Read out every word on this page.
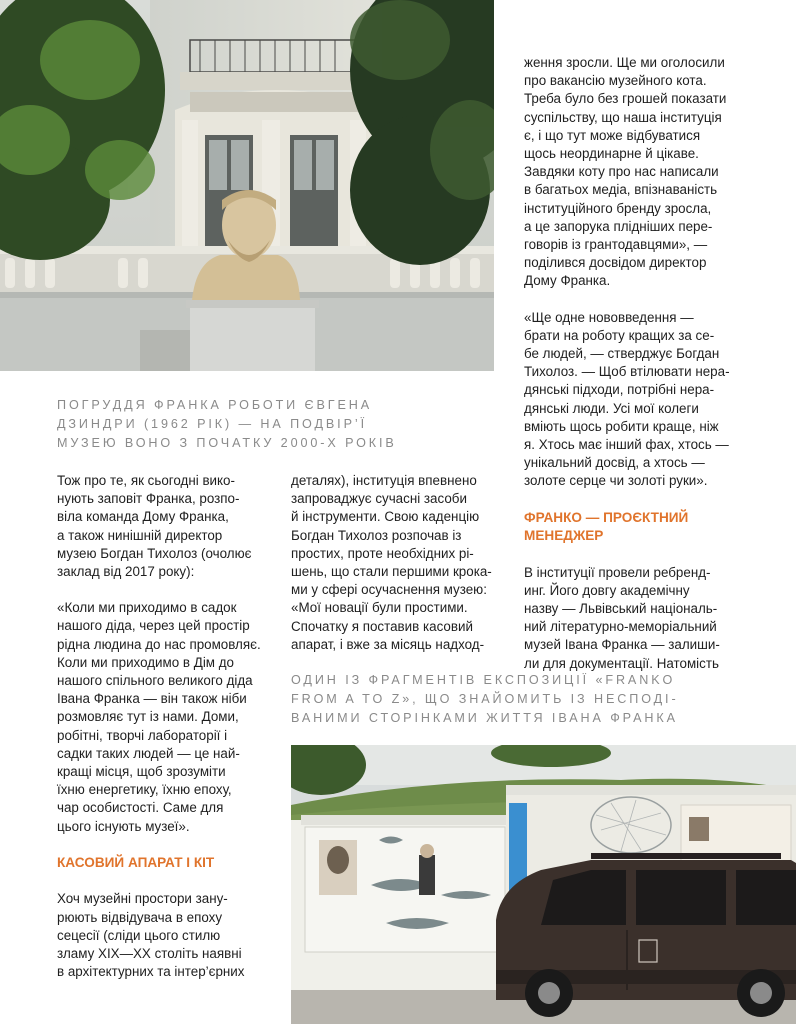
ПОГРУДДЯ ФРАНКА РОБОТИ ЄВГЕНА

ДЗИНДРИ (1962 РІК) — НА ПОДВІР’Ї

МУЗЕЮ ВОНО З ПОЧАТКУ 2000-Х РОКІВ

Тож про те, як сьогодні вико-
нують заповіт Франка, розпо-
віла команда Дому Франка,
а також нинішній директор
музею Богдан Тихолоз (очолює
заклад від 2017 року):

«Коли ми приходимо в садок
нашого діда, через цей простір
рідна людина до нас промовляє.
Коли ми приходимо в Дім до
нашого спільного великого діда
Івана Франка — він також ніби
розмовляє тут із нами. Доми,
робітні, творчі лабораторії і
садки таких людей — це най-
кращі місця, щоб зрозуміти
їхню енергетику, їхню епоху,
чар особистості. Саме для
цього існують музеї».

КАСОВИЙ АПАРАТ І КІТ

Хоч музейні простори зану-
рюють відвідувача в епоху
сецесії (сліди цього стилю
зламу XIX—XX століть наявні
в архітектурних та інтер’єрних

деталях), інституція впевнено
запроваджує сучасні засоби
й інструменти. Свою каденцію
Богдан Тихолоз розпочав із
простих, проте необхідних рі-
шень, що стали першими крока-
ми у сфері осучаснення музею:
«Мої новації були простими.
Спочатку я поставив касовий
апарат, і вже за місяць надход-

ження зросли. Ще ми оголосили
про вакансію музейного кота.
Треба було без грошей показати
суспільству, що наша інституція
є, і що тут може відбуватися
щось неординарне й цікаве.
Завдяки коту про нас написали
в багатьох медіа, впізнаваність
інституційного бренду зросла,
а це запорука плідніших пере-
говорів із грантодавцями», —
поділився досвідом директор
Дому Франка.

«Ще одне нововведення —
брати на роботу кращих за се-
бе людей, — стверджує Богдан
Тихолоз. — Щоб втілювати нера-
дянські підходи, потрібні нера-
дянські люди. Усі мої колеги
вміють щось робити краще, ніж
я. Хтось має інший фах, хтось —
унікальний досвід, а хтось —
золоте серце чи золоті руки».

ФРАНКО — ПРОЄКТНИЙ
МЕНЕДЖЕР

В інституції провели ребренд-
инг. Його довгу академічну
назву — Львівський національ-
ний літературно-меморіальний
музей Івана Франка — залиши-
ли для документації. Натомість

ОДИН ІЗ ФРАГМЕНТІВ ЕКСПОЗИЦІЇ «FRANKO

FROM A TO Z», ЩО ЗНАЙОМИТЬ ІЗ НЕСПОДІ-

ВАНИМИ СТОРІНКАМИ ЖИТТЯ ІВАНА ФРАНКА
